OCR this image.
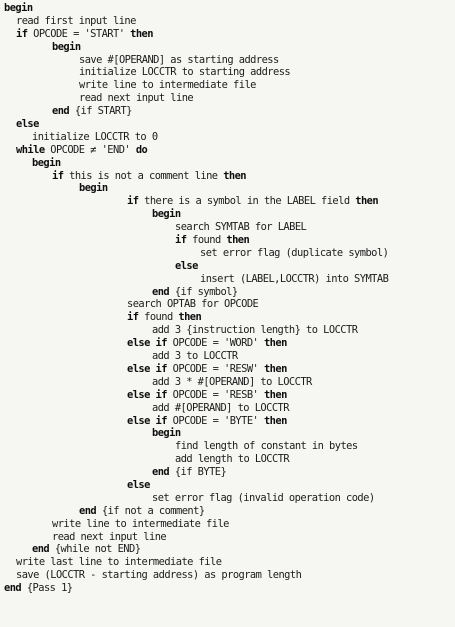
begin
read first input line
if OPCODE = 'START' then
begin
save #[OPERAND] as starting address
initialize LOCCTR to starting address
write line to intermediate file
read next input line
end {if START}
else
initialize LOCCTR to 0
while OPCODE ≠ 'END' do
begin
if this is not a comment line then
begin
if there is a symbol in the LABEL field then
begin
search SYMTAB for LABEL
if found then
set error flag (duplicate symbol)
else
insert (LABEL,LOCCTR) into SYMTAB
end {if symbol}
search OPTAB for OPCODE
if found then
add 3 {instruction length} to LOCCTR
else if OPCODE = 'WORD' then
add 3 to LOCCTR
else if OPCODE = 'RESW' then
add 3 * #[OPERAND] to LOCCTR
else if OPCODE = 'RESB' then
add #[OPERAND] to LOCCTR
else if OPCODE = 'BYTE' then
begin
find length of constant in bytes
add length to LOCCTR
end {if BYTE}
else
set error flag (invalid operation code)
end {if not a comment}
write line to intermediate file
read next input line
end {while not END}
write last line to intermediate file
save (LOCCTR - starting address) as program length
end {Pass 1}
